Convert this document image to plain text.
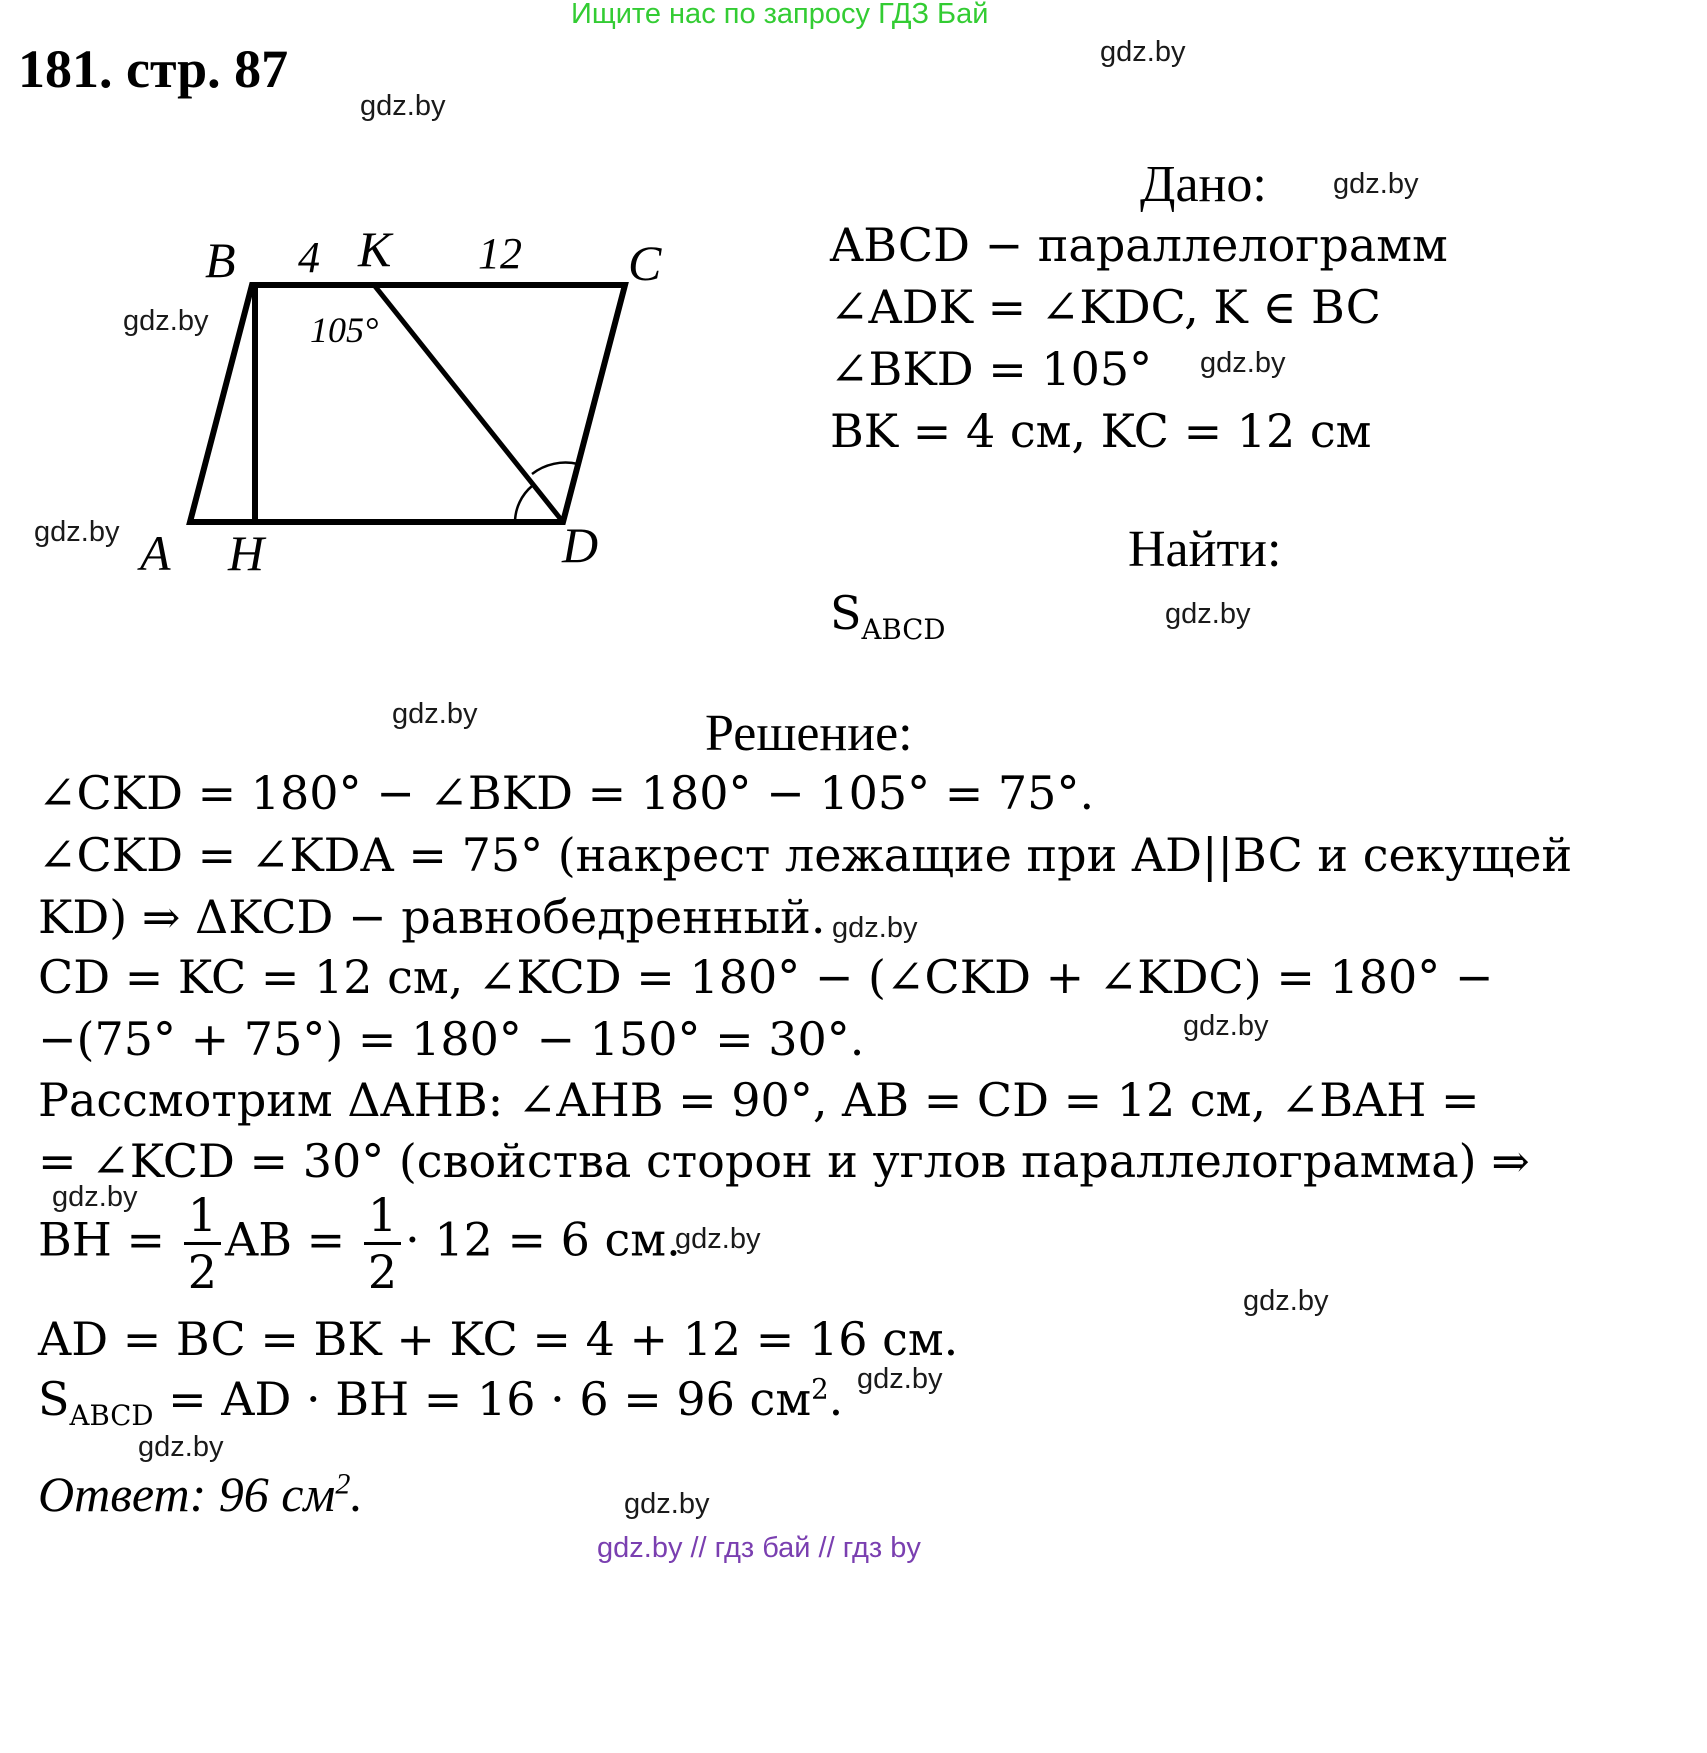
Ищите нас по запросу ГДЗ Бай
181. стр. 87	gdz.by
gdz.by
gdz.by
gdz.by
gdz.by
gdz.by
gdz.by
gdz.by
gdz.by
gdz.by
gdz.by
gdz.by
gdz.by
gdz.by
gdz.by
gdz.by
B 4 K 12 C
105°
A H	D
Дано:
ABCD − параллелограмм
∠ADK = ∠KDC, K ∈ BC
∠BKD = 105°
BK = 4 см, KC = 12 см
Найти:
$S_{ABCD}$
Решение:
∠CKD = 180° − ∠BKD = 180° − 105° = 75°.
∠CKD = ∠KDA = 75° (накрест лежащие при AD||BC и секущей
KD) ⇒ ΔKCD − равнобедренный.
CD = KC = 12 см, ∠KCD = 180° − (∠CKD + ∠KDC) = 180° −
−(75° + 75°) = 180° − 150° = 30°.
Рассмотрим ΔAHB: ∠AHB = 90°, AB = CD = 12 см, ∠BAH =
= ∠KCD = 30° (свойства сторон и углов параллелограмма) ⇒
BH = $\frac{1}{2}$ AB = $\frac{1}{2} \cdot 12 = 6$ см.
AD = BC = BK + KC = 4 + 12 = 16 см.
$S_{ABCD}$ = AD · BH = 16 · 6 = 96 $см^2$.
Ответ: 96 $см^2$.
gdz.by // гдз бай // гдз by
